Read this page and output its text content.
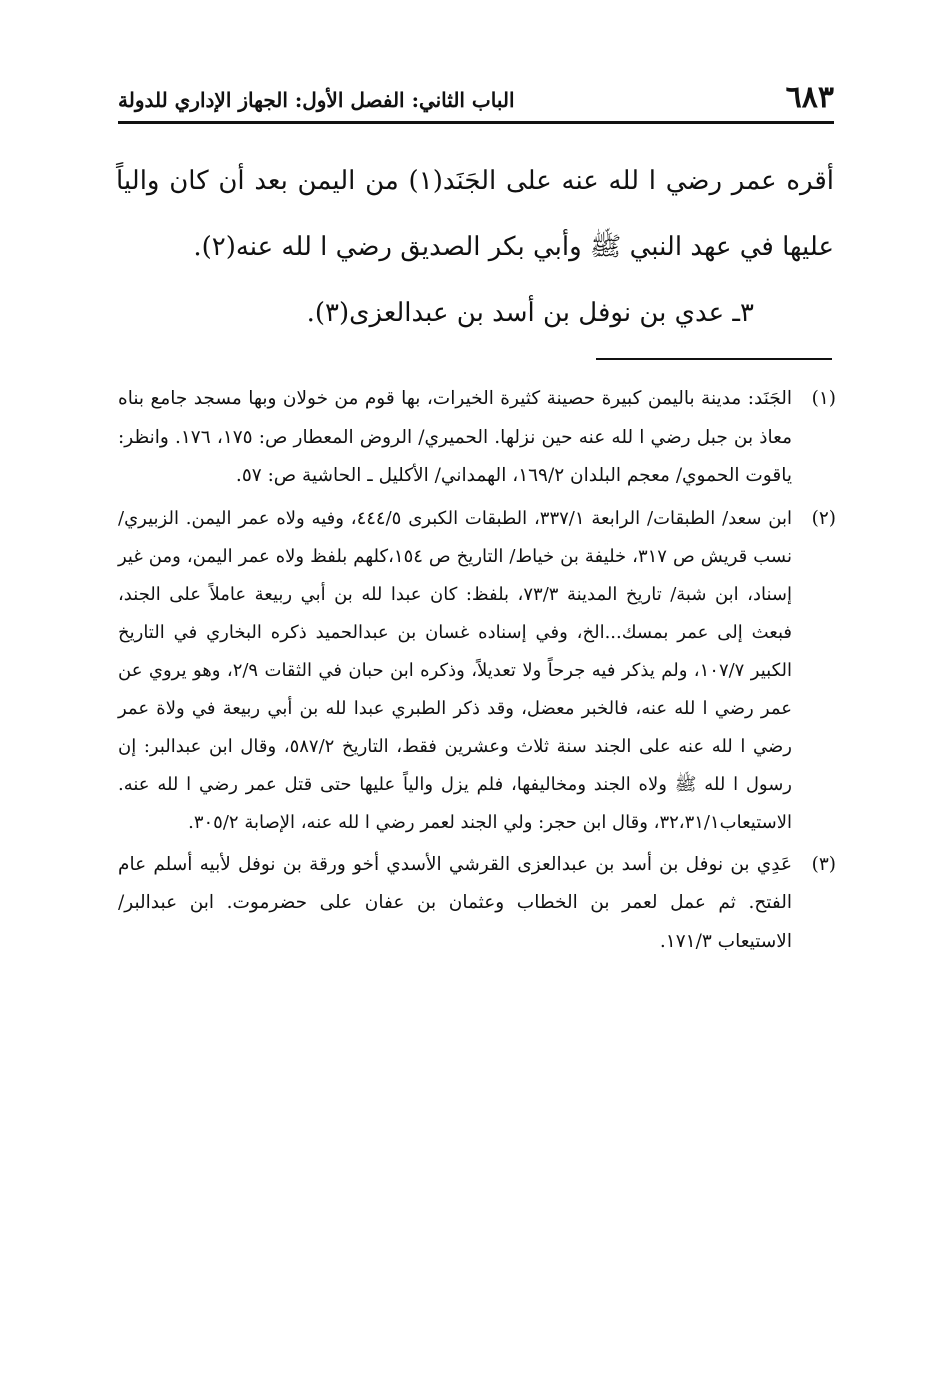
٦٨٣
الباب الثاني: الفصل الأول: الجهاز الإداري للدولة

أقره عمر رضي ا لله عنه على الجَنَد(١) من اليمن بعد أن كان والياً عليها في عهد النبي ﷺ وأبي بكر الصديق رضي ا لله عنه(٢).

٣ـ عدي بن نوفل بن أسد بن عبدالعزى(٣).

(١)
الجَنَد: مدينة باليمن كبيرة حصينة كثيرة الخيرات، بها قوم من خولان وبها مسجد جامع بناه معاذ بن جبل رضي ا لله عنه حين نزلها. الحميري/ الروض المعطار ص: ١٧٥، ١٧٦. وانظر: ياقوت الحموي/ معجم البلدان ١٦٩/٢، الهمداني/ الأكليل ـ الحاشية ص: ٥٧.
(٢)
ابن سعد/ الطبقات/ الرابعة ٣٣٧/١، الطبقات الكبرى ٤٤٤/٥، وفيه ولاه عمر اليمن. الزبيري/ نسب قريش ص ٣١٧، خليفة بن خياط/ التاريخ ص ١٥٤،كلهم بلفظ ولاه عمر اليمن، ومن غير إسناد، ابن شبة/ تاريخ المدينة ٧٣/٣، بلفظ: كان عبدا لله بن أبي ربيعة عاملاً على الجند، فبعث إلى عمر بمسك...الخ، وفي إسناده غسان بن عبدالحميد ذكره البخاري في التاريخ الكبير ١٠٧/٧، ولم يذكر فيه جرحاً ولا تعديلاً، وذكره ابن حبان في الثقات ٢/٩، وهو يروي عن عمر رضي ا لله عنه، فالخبر معضل، وقد ذكر الطبري عبدا لله بن أبي ربيعة في ولاة عمر رضي ا لله عنه على الجند سنة ثلاث وعشرين فقط، التاريخ ٥٨٧/٢، وقال ابن عبدالبر: إن رسول ا لله ﷺ ولاه الجند ومخاليفها، فلم يزل والياً عليها حتى قتل عمر رضي ا لله عنه. الاستيعاب٣٢،٣١/١، وقال ابن حجر: ولي الجند لعمر رضي ا لله عنه، الإصابة ٣٠٥/٢.
(٣)
عَدِي بن نوفل بن أسد بن عبدالعزى القرشي الأسدي أخو ورقة بن نوفل لأبيه أسلم عام الفتح. ثم عمل لعمر بن الخطاب وعثمان بن عفان على حضرموت. ابن عبدالبر/ الاستيعاب ١٧١/٣.
